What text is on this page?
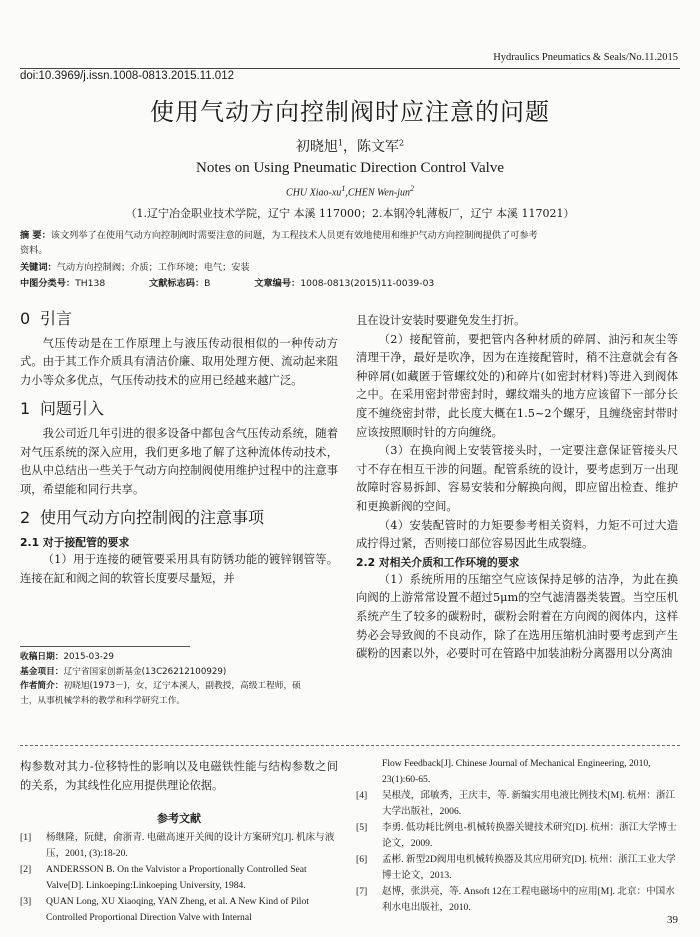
Hydraulics Pneumatics & Seals/No.11.2015
doi:10.3969/j.issn.1008-0813.2015.11.012
使用气动方向控制阀时应注意的问题
初晓旭$^1$，陈文军$^2$
Notes on Using Pneumatic Direction Control Valve
CHU Xiao-$xu^1,CHEN$ Wen-jun$^2$
（1.辽宁冶金职业技术学院，辽宁 本溪 117000；2.本钢冷轧薄板厂，辽宁 本溪 117021）
摘 要：该文列举了在使用气动方向控制阀时需要注意的问题，为工程技术人员更有效地使用和维护气动方向控制阀提供了可参考
资料。
关键词：气动方向控制阀；介质；工作环境；电气；安装
中图分类号：TH138	文献标志码：B	文章编号：1008-0813(2015)11-0039-03
0 引言

气压传动是在工作原理上与液压传动很相似的一种传动方式。由于其工作介质具有清洁价廉、取用处理方便、流动起来阻力小等众多优点，气压传动技术的应用已经越来越广泛。

1 问题引入

我公司近几年引进的很多设备中都包含气压传动系统，随着对气压系统的深入应用，我们更多地了解了这种流体传动技术，也从中总结出一些关于气动方向控制阀使用维护过程中的注意事项，希望能和同行共享。

2 使用气动方向控制阀的注意事项
2.1 对于接配管的要求

（1）用于连接的硬管要采用具有防锈功能的镀锌钢管等。连接在缸和阀之间的软管长度要尽量短，并

收稿日期：2015-03-29
基金项目：辽宁省国家创新基金(13C26212100929)
作者简介：初晓旭(1973－)，女，辽宁本溪人，副教授，高级工程师，硕
士，从事机械学科的教学和科学研究工作。

且在设计安装时要避免发生打折。

（2）接配管前，要把管内各种材质的碎屑、油污和灰尘等清理干净，最好是吹净，因为在连接配管时，稍不注意就会有各种碎屑(如藏匿于管螺纹处的)和碎片(如密封材料)等进入到阀体之中。在采用密封带密封时，螺纹端头的地方应该留下一部分长度不缠绕密封带，此长度大概在1.5~2个螺牙，且缠绕密封带时应该按照顺时针的方向缠绕。

（3）在换向阀上安装管接头时，一定要注意保证管接头尺寸不存在相互干涉的问题。配管系统的设计，要考虑到万一出现故障时容易拆卸、容易安装和分解换向阀，即应留出检查、维护和更换新阀的空间。

（4）安装配管时的力矩要参考相关资料，力矩不可过大造成拧得过紧，否则接口部位容易因此生成裂缝。

2.2 对相关介质和工作环境的要求

（1）系统所用的压缩空气应该保持足够的洁净，为此在换向阀的上游常常设置不超过5μm的空气滤清器类装置。当空压机系统产生了较多的碳粉时，碳粉会附着在方向阀的阀体内，这样势必会导致阀的不良动作，除了在选用压缩机油时要考虑到产生碳粉的因素以外，必要时可在管路中加装油粉分离器用以分离油

构参数对其力-位移特性的影响以及电磁铁性能与结构参数之间的关系，为其线性化应用提供理论依据。

参考文献
[1]	杨继隆，阮健，俞浙青. 电磁高速开关阀的设计方案研究[J]. 机床与液压，2001, (3):18-20.
[2]	ANDERSSON B. On the Valvistor a Proportionally Controlled Seat Valve[D]. Linkoeping:Linkoeping University, 1984.
[3]	QUAN Long, XU Xiaoqing, YAN Zheng, et al. A New Kind of Pilot Controlled Proportional Direction Valve with Internal
Flow Feedback[J]. Chinese Journal of Mechanical Engineering, 2010, 23(1):60-65.
[4]	吴根茂，邱敏秀，王庆丰，等. 新编实用电液比例技术[M]. 杭州：浙江大学出版社，2006.
[5]	李勇. 低功耗比例电-机械转换器关键技术研究[D]. 杭州：浙江大学博士论文，2009.
[6]	孟彬. 新型2D阀用电机械转换器及其应用研究[D]. 杭州：浙江工业大学博士论文，2013.
[7]	赵博，张洪亮，等. Ansoft 12在工程电磁场中的应用[M]. 北京：中国水利水电出版社，2010.
39
